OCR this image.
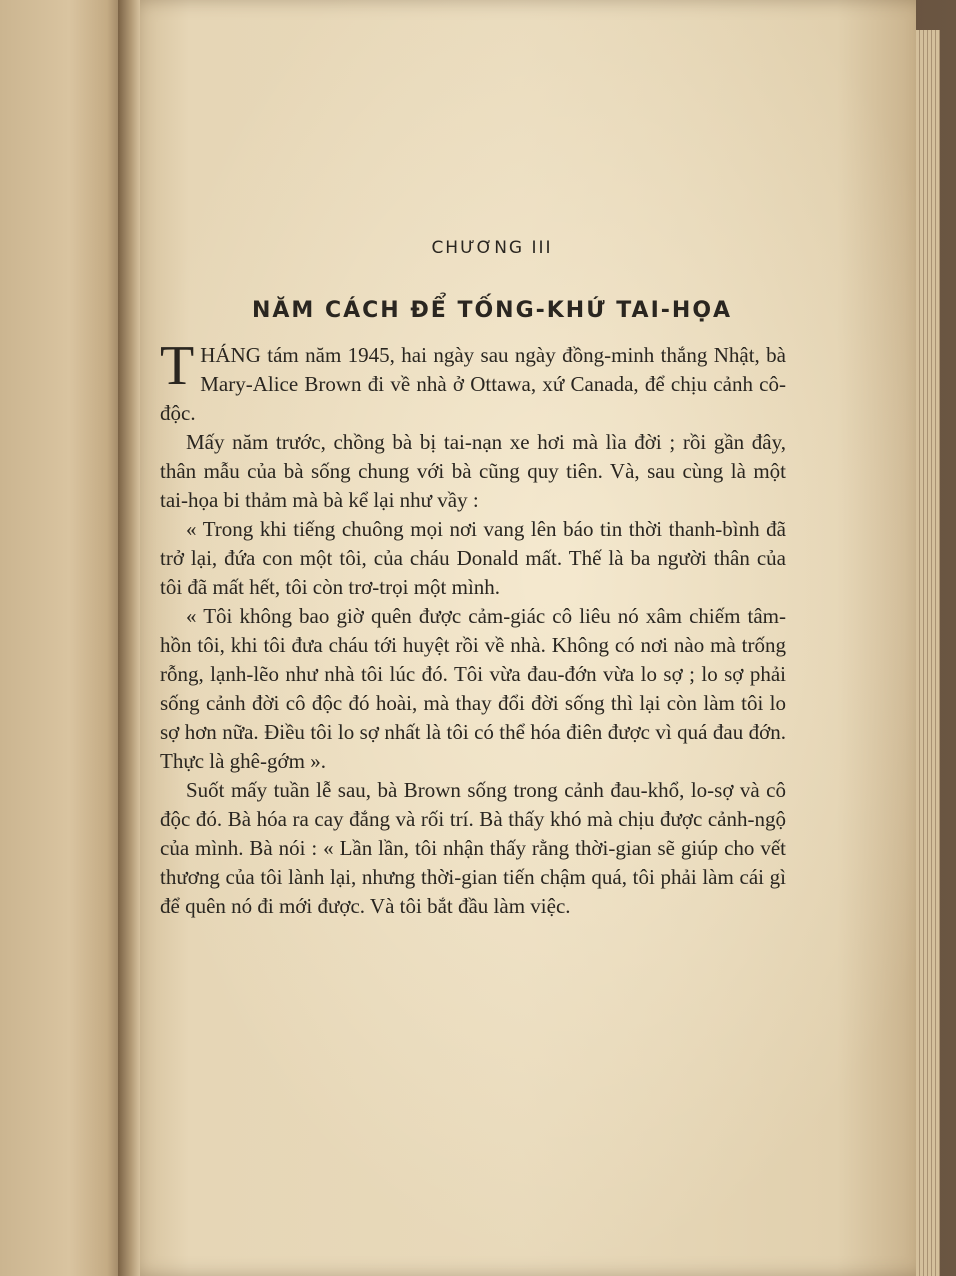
CHƯƠNG III
NĂM CÁCH ĐỂ TỐNG-KHỨ TAI-HỌA

THÁNG tám năm 1945, hai ngày sau ngày đồng-minh thắng Nhật, bà Mary-Alice Brown đi về nhà ở Ottawa, xứ Canada, để chịu cảnh cô-độc.

Mấy năm trước, chồng bà bị tai-nạn xe hơi mà lìa đời ; rồi gần đây, thân mẫu của bà sống chung với bà cũng quy tiên. Và, sau cùng là một tai-họa bi thảm mà bà kể lại như vầy :

« Trong khi tiếng chuông mọi nơi vang lên báo tin thời thanh-bình đã trở lại, đứa con một tôi, của cháu Donald mất. Thế là ba người thân của tôi đã mất hết, tôi còn trơ-trọi một mình.

« Tôi không bao giờ quên được cảm-giác cô liêu nó xâm chiếm tâm-hồn tôi, khi tôi đưa cháu tới huyệt rồi về nhà. Không có nơi nào mà trống rỗng, lạnh-lẽo như nhà tôi lúc đó. Tôi vừa đau-đớn vừa lo sợ ; lo sợ phải sống cảnh đời cô độc đó hoài, mà thay đổi đời sống thì lại còn làm tôi lo sợ hơn nữa. Điều tôi lo sợ nhất là tôi có thể hóa điên được vì quá đau đớn. Thực là ghê-gớm ».

Suốt mấy tuần lễ sau, bà Brown sống trong cảnh đau-khổ, lo-sợ và cô độc đó. Bà hóa ra cay đắng và rối trí. Bà thấy khó mà chịu được cảnh-ngộ của mình. Bà nói : « Lần lần, tôi nhận thấy rằng thời-gian sẽ giúp cho vết thương của tôi lành lại, nhưng thời-gian tiến chậm quá, tôi phải làm cái gì để quên nó đi mới được. Và tôi bắt đầu làm việc.
